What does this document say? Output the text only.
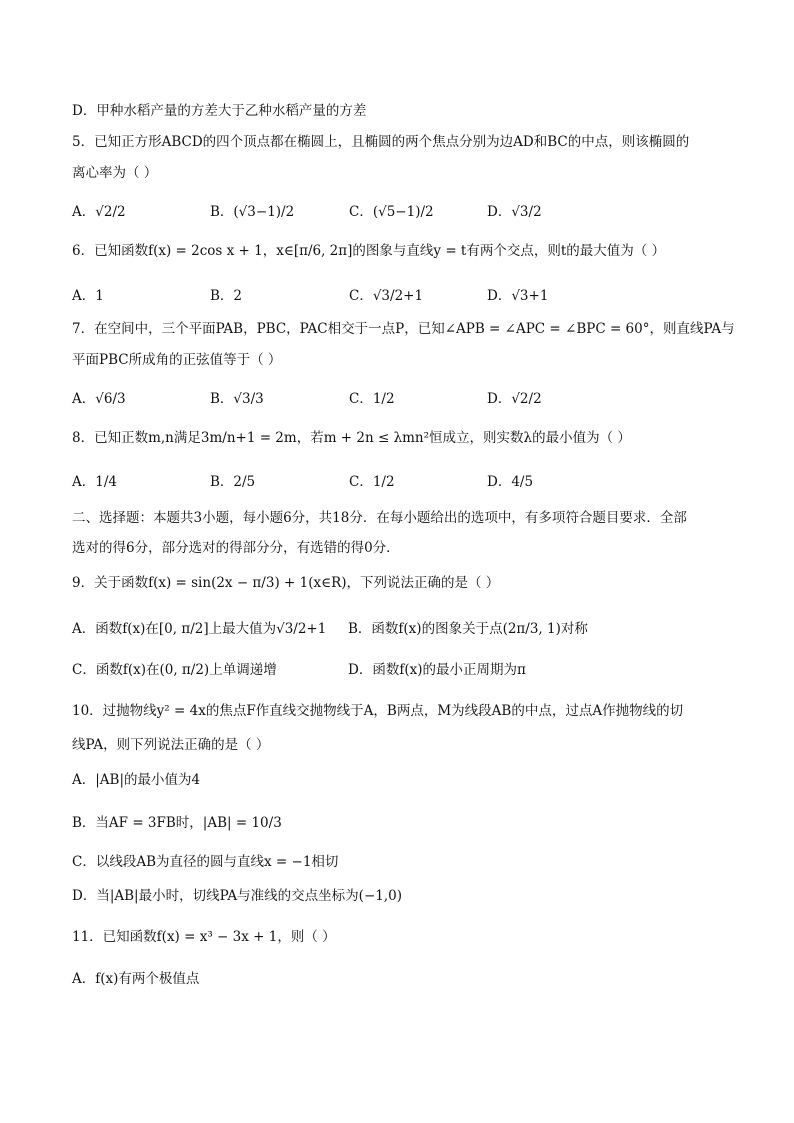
D．甲种水稻产量的方差大于乙种水稻产量的方差
5．已知正方形ABCD的四个顶点都在椭圆上，且椭圆的两个焦点分别为边AD和BC的中点，则该椭圆的
离心率为（ ）
A．√2/2	B．(√3−1)/2	C．(√5−1)/2	D．√3/2
6．已知函数f(x) = 2cos x + 1，x∈[π/6, 2π]的图象与直线y = t有两个交点，则t的最大值为（ ）
A．1	B．2	C．√3/2+1	D．√3+1
7．在空间中，三个平面PAB，PBC，PAC相交于一点P，已知∠APB = ∠APC = ∠BPC = 60°，则直线PA与
平面PBC所成角的正弦值等于（ ）
A．√6/3	B．√3/3	C．1/2	D．√2/2
8．已知正数m,n满足3m/n+1 = 2m，若m + 2n ≤ λmn²恒成立，则实数λ的最小值为（ ）
A．1/4	B．2/5	C．1/2	D．4/5
二、选择题：本题共3小题，每小题6分，共18分．在每小题给出的选项中，有多项符合题目要求．全部
选对的得6分，部分选对的得部分分，有选错的得0分．
9．关于函数f(x) = sin(2x − π/3) + 1(x∈R)，下列说法正确的是（ ）
A．函数f(x)在[0, π/2]上最大值为√3/2+1 B．函数f(x)的图象关于点(2π/3, 1)对称
C．函数f(x)在(0, π/2)上单调递增	D．函数f(x)的最小正周期为π
10．过抛物线y² = 4x的焦点F作直线交抛物线于A，B两点，M为线段AB的中点，过点A作抛物线的切
线PA，则下列说法正确的是（ ）
A．|AB|的最小值为4
B．当AF = 3FB时，|AB| = 10/3
C．以线段AB为直径的圆与直线x = −1相切
D．当|AB|最小时，切线PA与准线的交点坐标为(−1,0)
11．已知函数f(x) = x³ − 3x + 1，则（ ）
A．f(x)有两个极值点
